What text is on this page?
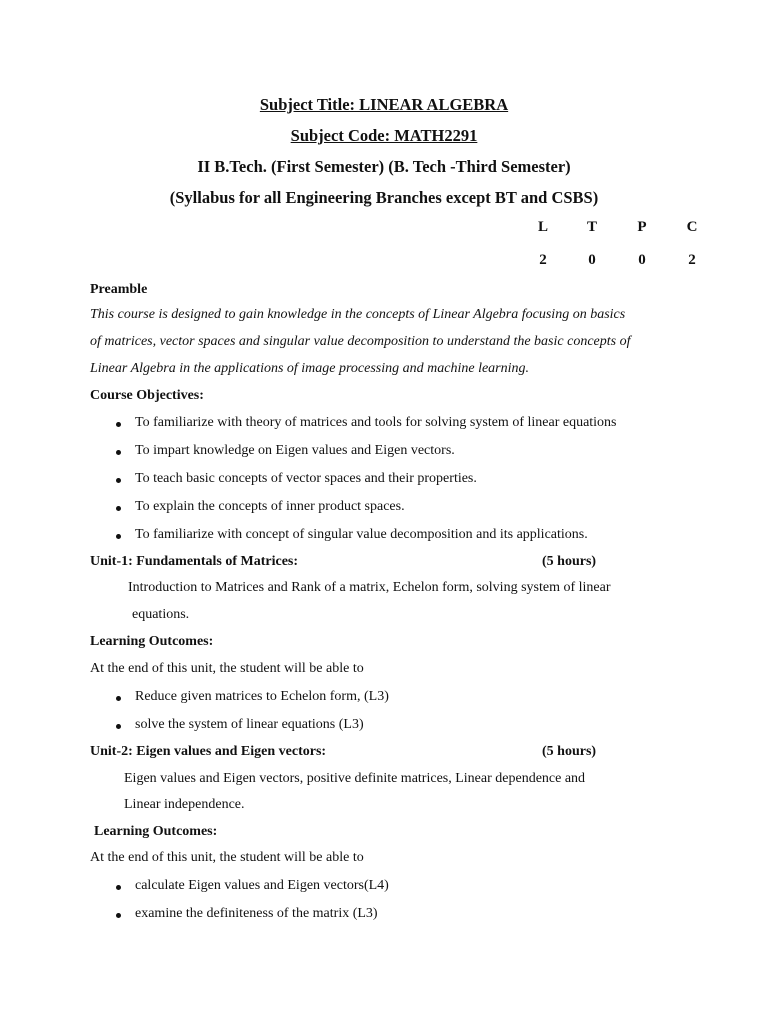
Subject Title: LINEAR ALGEBRA
Subject Code: MATH2291
II B.Tech. (First Semester) (B. Tech -Third Semester)
(Syllabus for all Engineering Branches except BT and CSBS)
L	T	P	C
2	0	0	2
Preamble
This course is designed to gain knowledge in the concepts of Linear Algebra focusing on basics
of matrices, vector spaces and singular value decomposition to understand the basic concepts of
Linear Algebra in the applications of image processing and machine learning.
Course Objectives:
To familiarize with theory of matrices and tools for solving system of linear equations
To impart knowledge on Eigen values and Eigen vectors.
To teach basic concepts of vector spaces and their properties.
To explain the concepts of inner product spaces.
To familiarize with concept of singular value decomposition and its applications.
Unit-1: Fundamentals of Matrices:	(5 hours)
Introduction to Matrices and Rank of a matrix, Echelon form, solving system of linear
equations.
Learning Outcomes:
At the end of this unit, the student will be able to
Reduce given matrices to Echelon form, (L3)
solve the system of linear equations (L3)
Unit-2: Eigen values and Eigen vectors:	(5 hours)
Eigen values and Eigen vectors, positive definite matrices, Linear dependence and
Linear independence.
Learning Outcomes:
At the end of this unit, the student will be able to
calculate Eigen values and Eigen vectors(L4)
examine the definiteness of the matrix (L3)
